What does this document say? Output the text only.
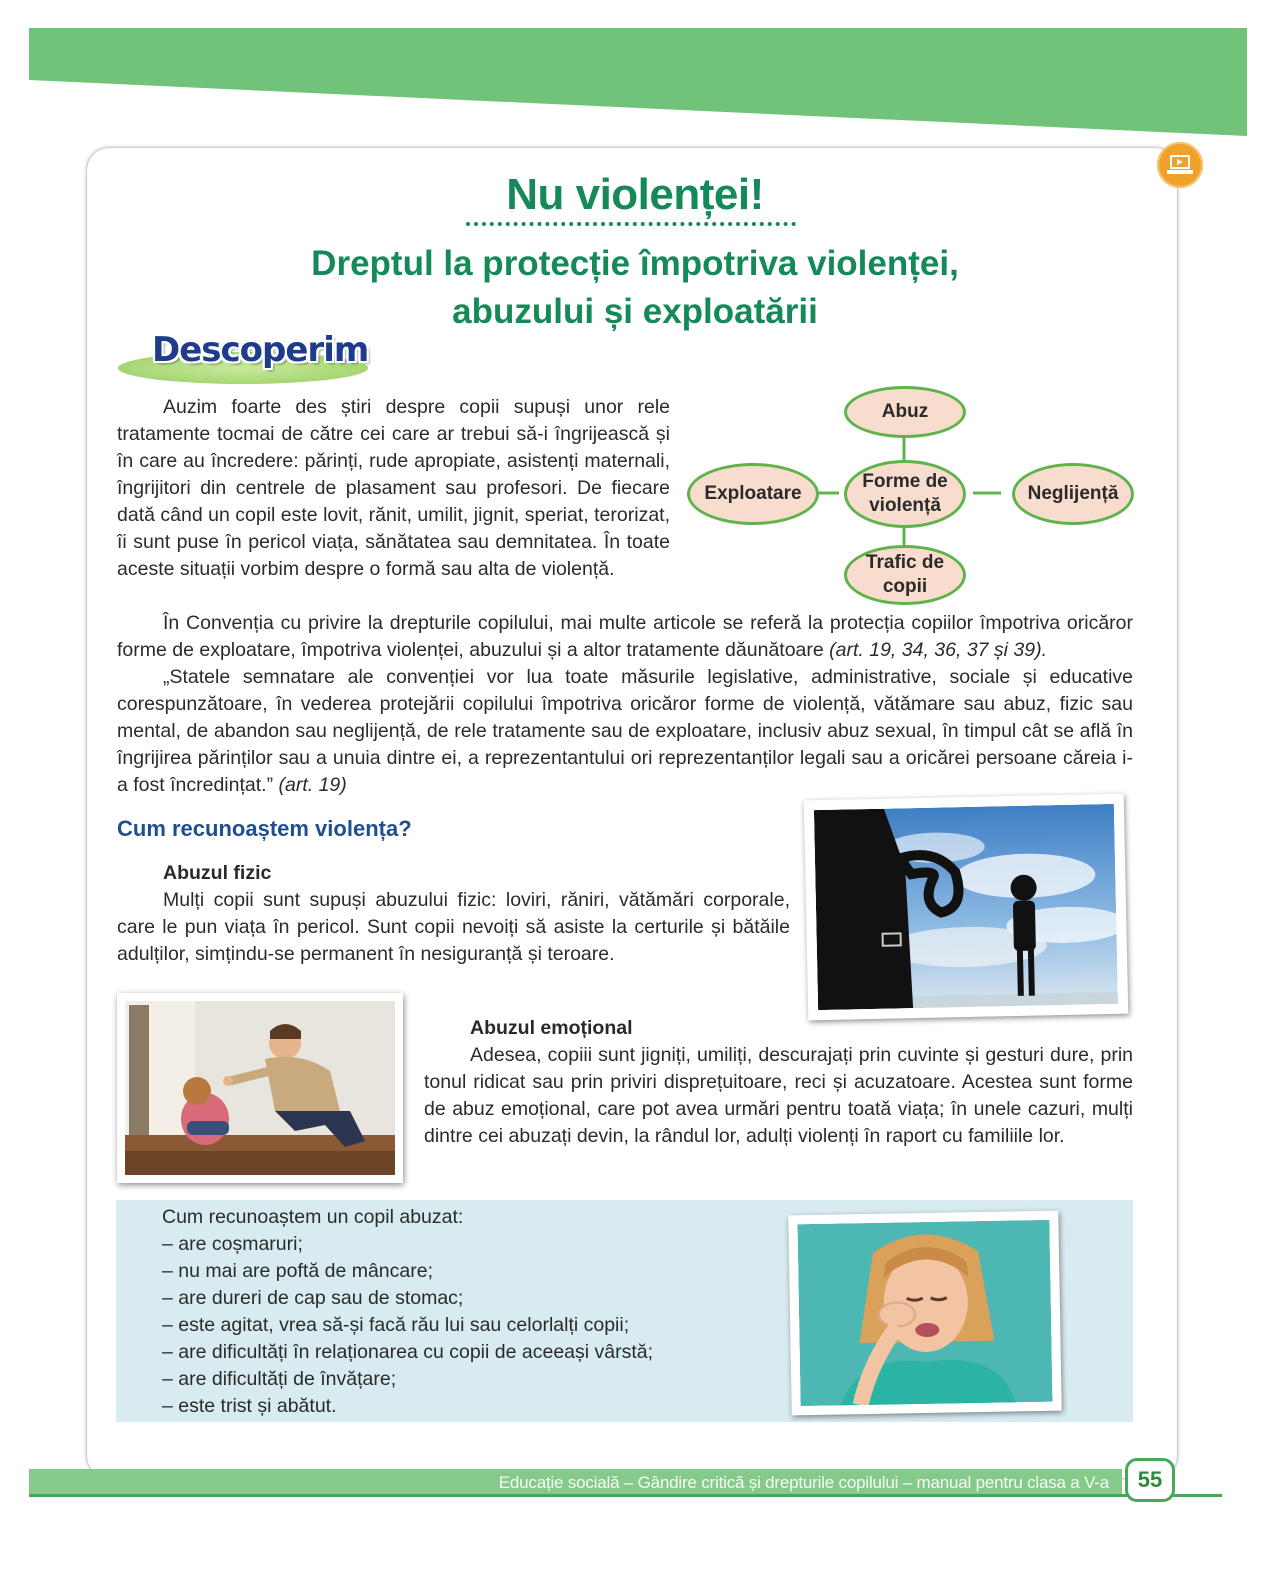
Nu violenței!
Dreptul la protecție împotriva violenței,
abuzului și exploatării
Descoperim

Auzim foarte des știri despre copii supuși unor rele tratamente tocmai de către cei care ar trebui să-i îngrijească și în care au încredere: părinți, rude apropiate, asistenți maternali, îngrijitori din centrele de plasament sau profesori. De fiecare dată când un copil este lovit, rănit, umilit, jignit, speriat, terorizat, îi sunt puse în pericol viața, sănătatea sau demnitatea. În toate aceste situații vorbim despre o formă sau alta de violență.

Abuz
Forme de violență
Exploatare	Neglijență
Trafic de copii

În Convenția cu privire la drepturile copilului, mai multe articole se referă la protecția copiilor împotriva oricăror forme de exploatare, împotriva violenței, abuzului și a altor tratamente dăunătoare (art. 19, 34, 36, 37 și 39).

„Statele semnatare ale convenției vor lua toate măsurile legislative, administrative, sociale și educative corespunzătoare, în vederea protejării copilului împotriva oricăror forme de violență, vătămare sau abuz, fizic sau mental, de abandon sau neglijență, de rele tratamente sau de exploatare, inclusiv abuz sexual, în timpul cât se află în îngrijirea părinților sau a unuia dintre ei, a reprezentantului ori reprezentanților legali sau a oricărei persoane căreia i-a fost încredințat.” (art. 19)

Cum recunoaștem violența?

Abuzul fizic

Mulți copii sunt supuși abuzului fizic: loviri, răniri, vătămări corporale, care le pun viața în pericol. Sunt copii nevoiți să asiste la certurile și bătăile adulților, simțindu-se permanent în nesiguranță și teroare.

Abuzul emoțional

Adesea, copiii sunt jigniți, umiliți, descurajați prin cuvinte și gesturi dure, prin tonul ridicat sau prin priviri disprețuitoare, reci și acuzatoare. Acestea sunt forme de abuz emoțional, care pot avea urmări pentru toată viața; în unele cazuri, mulți dintre cei abuzați devin, la rândul lor, adulți violenți în raport cu familiile lor.

Cum recunoaștem un copil abuzat:

– are coșmaruri;
– nu mai are poftă de mâncare;
– are dureri de cap sau de stomac;
– este agitat, vrea să-și facă rău lui sau celorlalți copii;
– are dificultăți în relaționarea cu copii de aceeași vârstă;
– are dificultăți de învățare;
– este trist și abătut.
Educație socială – Gândire critică și drepturile copilului – manual pentru clasa a V-a	55
